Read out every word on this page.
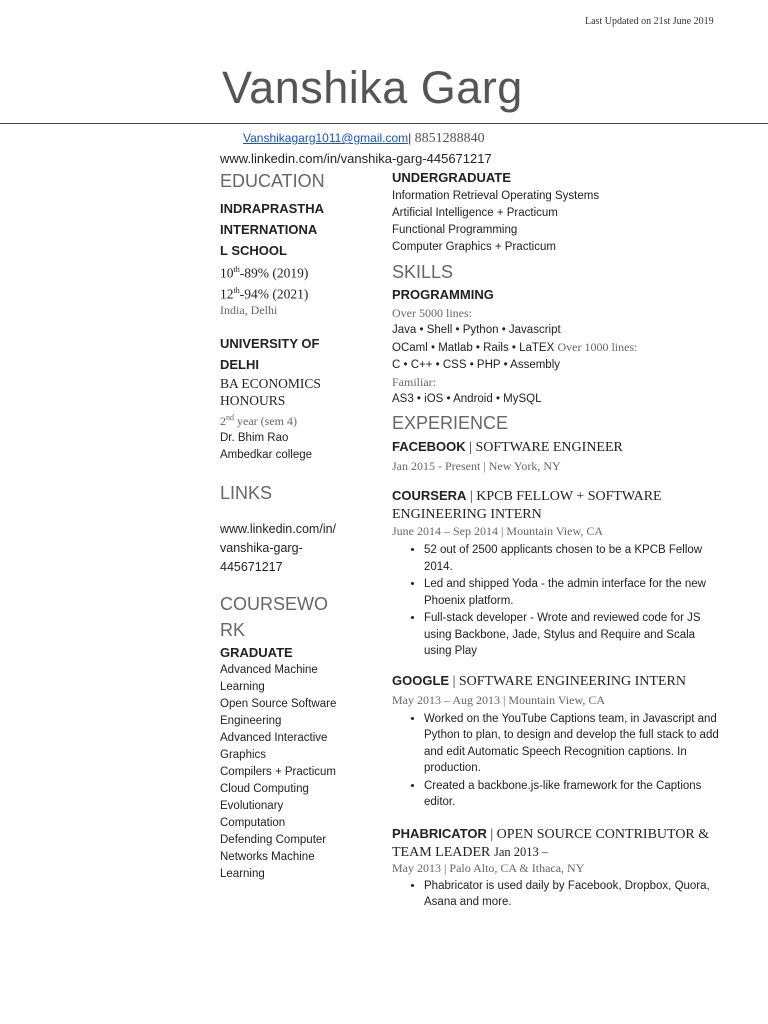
Last Updated on 21st June 2019
Vanshika Garg
Vanshikagarg1011@gmail.com| 8851288840
www.linkedin.com/in/vanshika-garg-445671217
EDUCATION
INDRAPRASTHA
INTERNATIONA
L SCHOOL
10th-89% (2019)
12th-94% (2021)
India, Delhi
UNIVERSITY OF
DELHI
BA ECONOMICS
HONOURS
2nd year (sem 4)
Dr. Bhim Rao
Ambedkar college
LINKS
www.linkedin.com/in/
vanshika-garg-
445671217
COURSEWO
RK
GRADUATE
Advanced Machine
Learning
Open Source Software
Engineering
Advanced Interactive
Graphics
Compilers + Practicum
Cloud Computing
Evolutionary
Computation
Defending Computer
Networks Machine
Learning
UNDERGRADUATE
Information Retrieval Operating Systems
Artificial Intelligence + Practicum
Functional Programming
Computer Graphics + Practicum
SKILLS
PROGRAMMING
Over 5000 lines:
Java • Shell • Python • Javascript
OCaml • Matlab • Rails • LaTEX Over 1000 lines:
C • C++ • CSS • PHP • Assembly
Familiar:
AS3 • iOS • Android • MySQL
EXPERIENCE
FACEBOOK | SOFTWARE ENGINEER
Jan 2015 - Present | New York, NY
COURSERA | KPCB FELLOW + SOFTWARE ENGINEERING INTERN
June 2014 – Sep 2014 | Mountain View, CA
• 52 out of 2500 applicants chosen to be a KPCB Fellow 2014.
• Led and shipped Yoda - the admin interface for the new Phoenix platform.
• Full-stack developer - Wrote and reviewed code for JS using Backbone, Jade, Stylus and Require and Scala using Play
GOOGLE | SOFTWARE ENGINEERING INTERN
May 2013 – Aug 2013 | Mountain View, CA
• Worked on the YouTube Captions team, in Javascript and Python to plan, to design and develop the full stack to add and edit Automatic Speech Recognition captions. In production.
• Created a backbone.js-like framework for the Captions editor.
PHABRICATOR | OPEN SOURCE CONTRIBUTOR & TEAM LEADER Jan 2013 –
May 2013 | Palo Alto, CA & Ithaca, NY
• Phabricator is used daily by Facebook, Dropbox, Quora, Asana and more.
